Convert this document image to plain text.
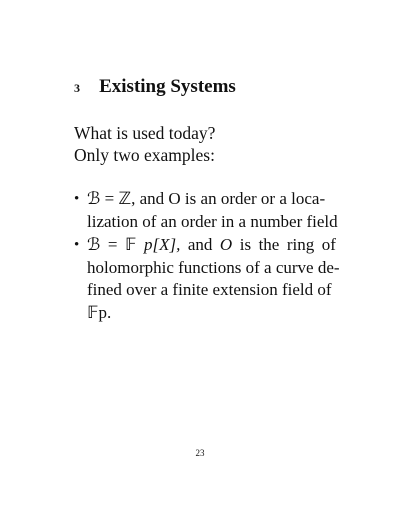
3 Existing Systems
What is used today?
Only two examples:
• ℬ = ℤ, and O is an order or a loca-
lization of an order in a number field
• ℬ = 𝔽 p[X], and O is the ring of
holomorphic functions of a curve de-
fined over a finite extension field of
𝔽p.
23
